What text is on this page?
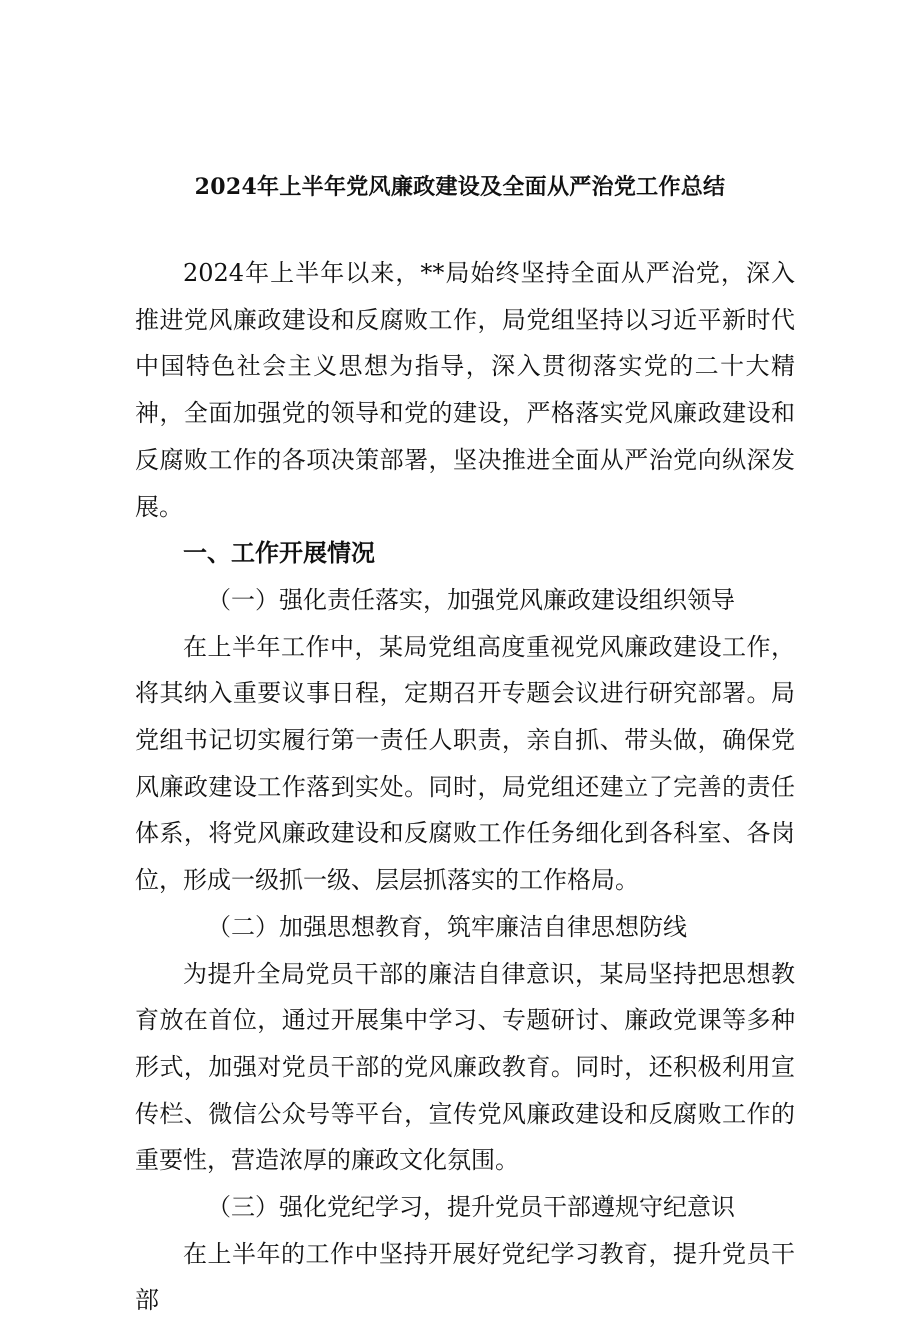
2024年上半年党风廉政建设及全面从严治党工作总结

2024年上半年以来，**局始终坚持全面从严治党，深入推进党风廉政建设和反腐败工作，局党组坚持以习近平新时代中国特色社会主义思想为指导，深入贯彻落实党的二十大精神，全面加强党的领导和党的建设，严格落实党风廉政建设和反腐败工作的各项决策部署，坚决推进全面从严治党向纵深发展。

一、工作开展情况

（一）强化责任落实，加强党风廉政建设组织领导

在上半年工作中，某局党组高度重视党风廉政建设工作，将其纳入重要议事日程，定期召开专题会议进行研究部署。局党组书记切实履行第一责任人职责，亲自抓、带头做，确保党风廉政建设工作落到实处。同时，局党组还建立了完善的责任体系，将党风廉政建设和反腐败工作任务细化到各科室、各岗位，形成一级抓一级、层层抓落实的工作格局。

（二）加强思想教育，筑牢廉洁自律思想防线

为提升全局党员干部的廉洁自律意识，某局坚持把思想教育放在首位，通过开展集中学习、专题研讨、廉政党课等多种形式，加强对党员干部的党风廉政教育。同时，还积极利用宣传栏、微信公众号等平台，宣传党风廉政建设和反腐败工作的重要性，营造浓厚的廉政文化氛围。

（三）强化党纪学习，提升党员干部遵规守纪意识

在上半年的工作中坚持开展好党纪学习教育，提升党员干部
